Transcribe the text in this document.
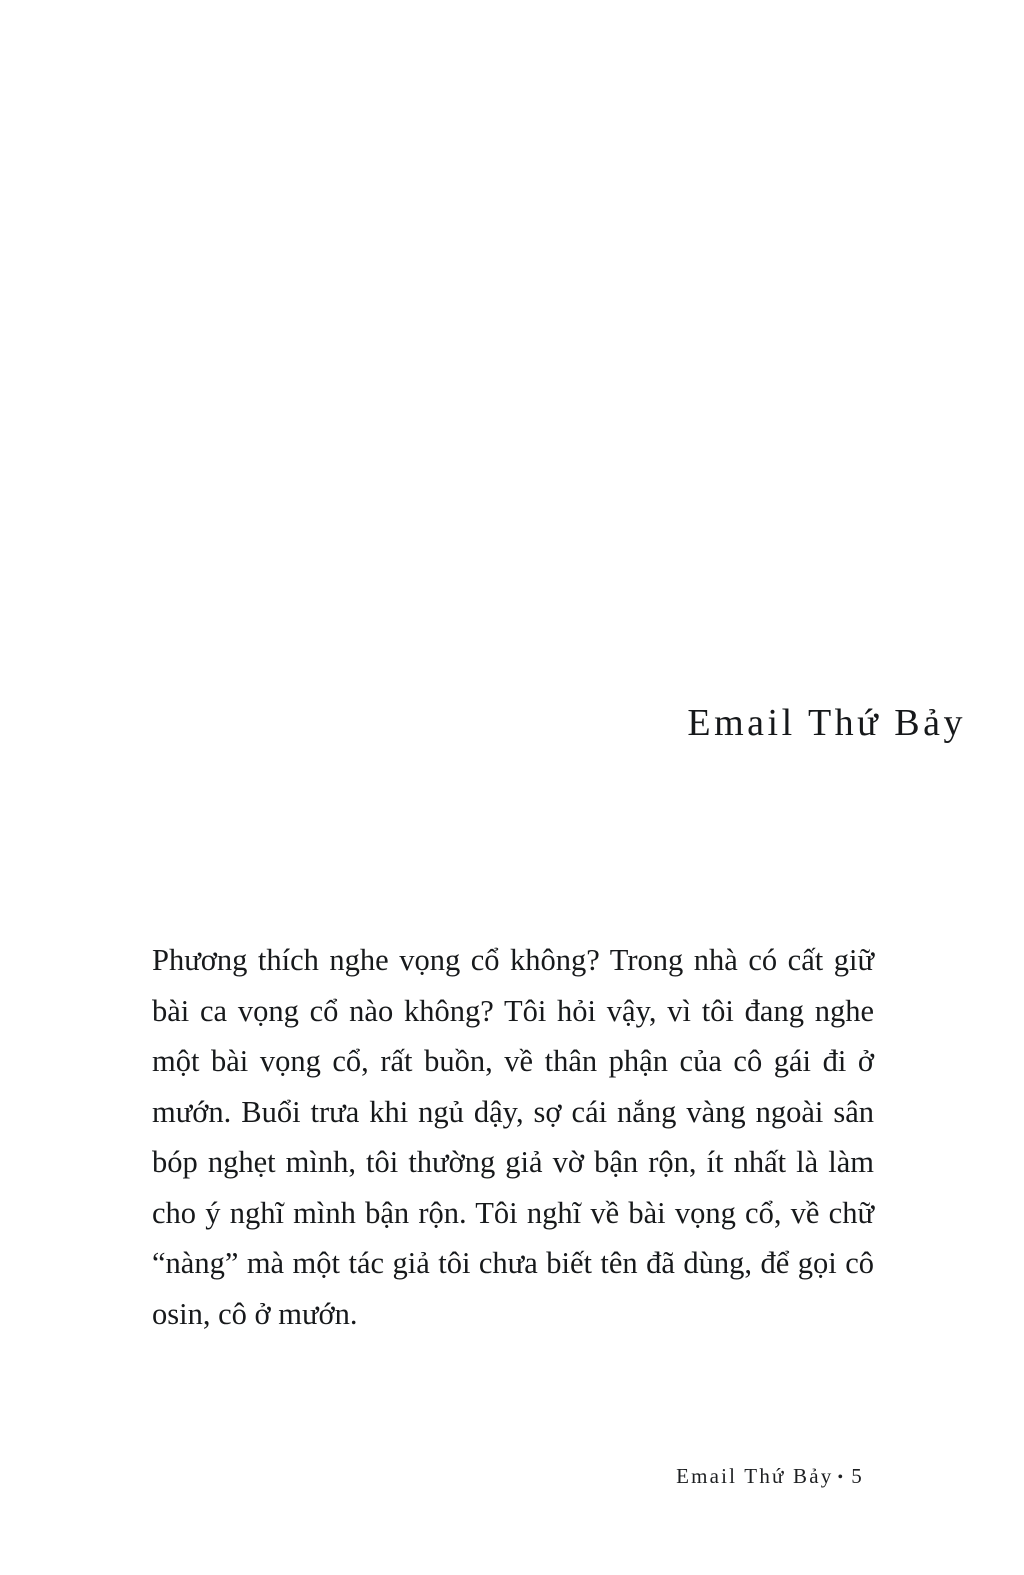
Email Thứ Bảy

Phương thích nghe vọng cổ không? Trong nhà có cất giữ bài ca vọng cổ nào không? Tôi hỏi vậy, vì tôi đang nghe một bài vọng cổ, rất buồn, về thân phận của cô gái đi ở mướn. Buổi trưa khi ngủ dậy, sợ cái nắng vàng ngoài sân bóp nghẹt mình, tôi thường giả vờ bận rộn, ít nhất là làm cho ý nghĩ mình bận rộn. Tôi nghĩ về bài vọng cổ, về chữ “nàng” mà một tác giả tôi chưa biết tên đã dùng, để gọi cô osin, cô ở mướn.

Email Thứ Bảy • 5
